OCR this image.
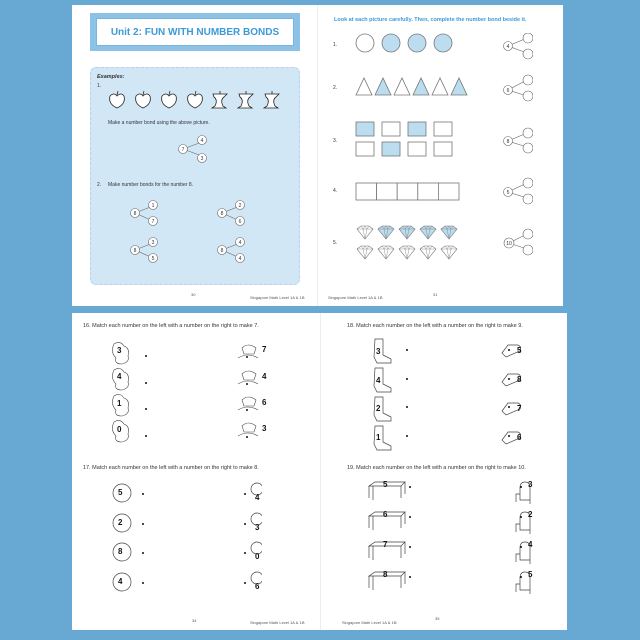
Unit 2: FUN WITH NUMBER BONDS
Examples:
1.
Make a number bond using the above picture.
7
4
3
2. Make number bonds for the number 8.
8
1
7
8
2
6
8
3
5
8
4
4
30
Singapore Math Level 1A & 1B
Look at each picture carefully. Then, complete the number bond beside it.
1.
2.
3.
4.
5.
4
6
8
5
10
Singapore Math Level 1A & 1B
31
16. Match each number on the left with a number on the right to make 7.
3
4
1
0
7
4
6
3
17. Match each number on the left with a number on the right to make 8.
5
2
8
4
4
3
0
6
34	Singapore Math Level 1A & 1B
18. Match each number on the left with a number on the right to make 9.
3
4
2
1
5
8
7
6
19. Match each number on the left with a number on the right to make 10.
5
6
7
8
3
2
4
5
Singapore Math Level 1A & 1B
35
